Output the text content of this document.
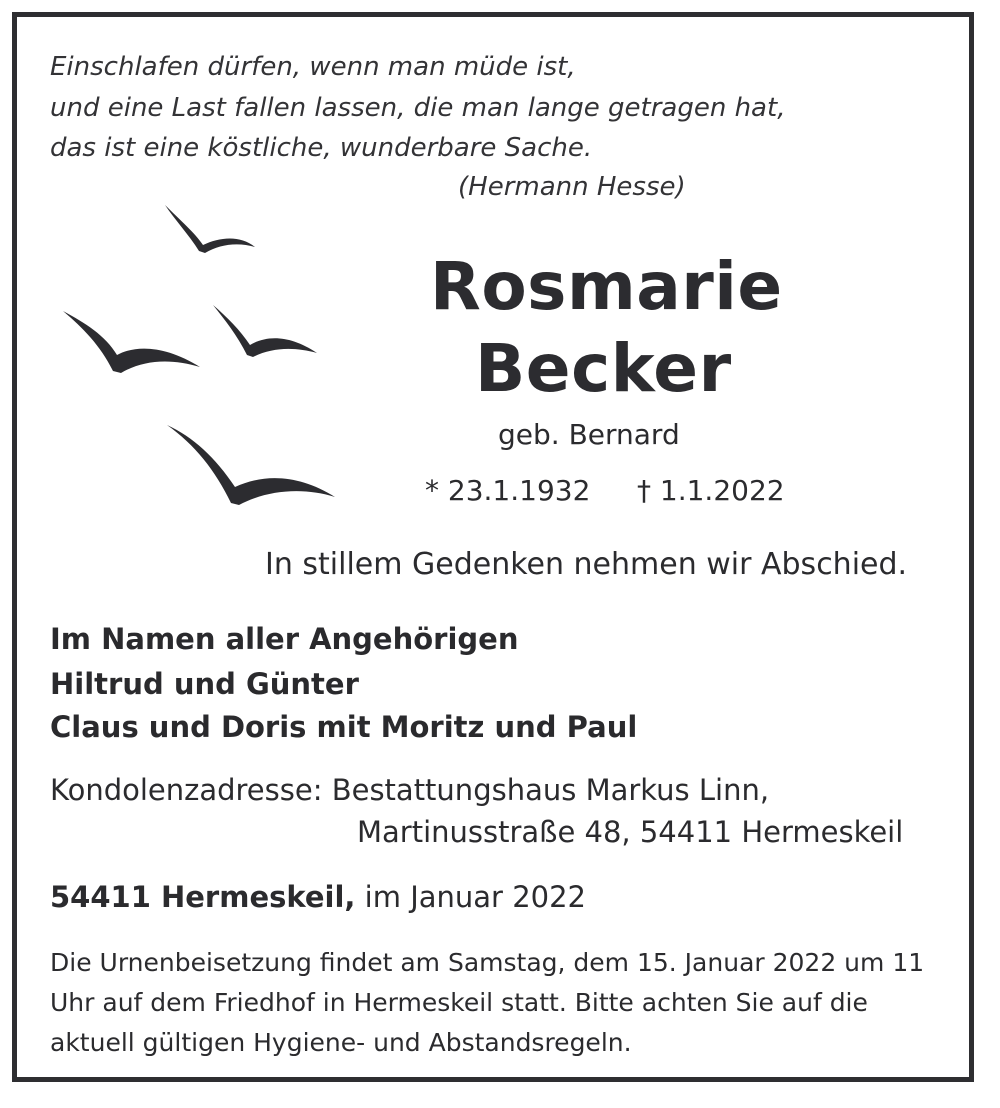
Einschlafen dürfen, wenn man müde ist,
und eine Last fallen lassen, die man lange getragen hat,
das ist eine köstliche, wunderbare Sache.
(Hermann Hesse)
Rosmarie
Becker
geb. Bernard
* 23.1.1932 † 1.1.2022
In stillem Gedenken nehmen wir Abschied.
Im Namen aller Angehörigen
Hiltrud und Günter
Claus und Doris mit Moritz und Paul
Kondolenzadresse: Bestattungshaus Markus Linn,
Martinusstraße 48, 54411 Hermeskeil
54411 Hermeskeil, im Januar 2022
Die Urnenbeisetzung findet am Samstag, dem 15. Januar 2022 um 11 Uhr auf dem Friedhof in Hermeskeil statt. Bitte achten Sie auf die aktuell gültigen Hygiene- und Abstandsregeln.
